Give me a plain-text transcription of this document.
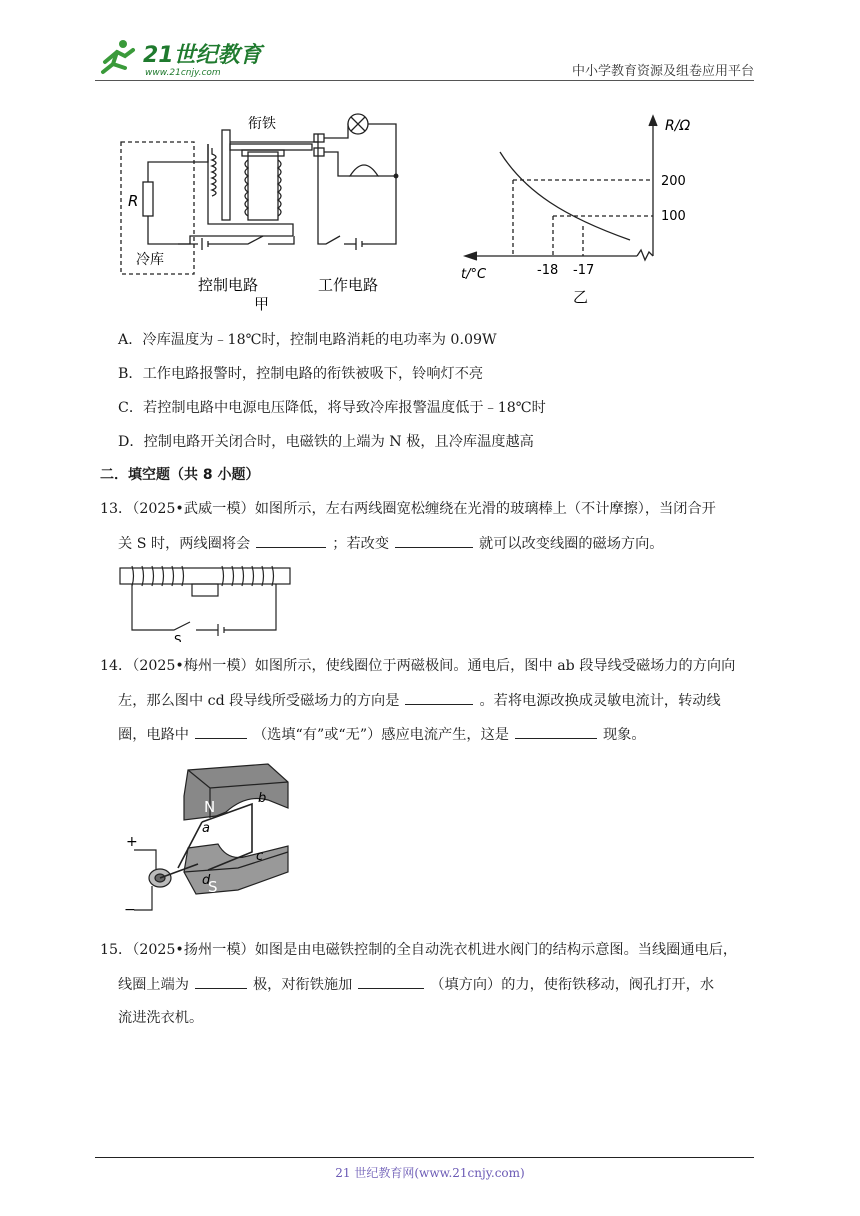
21世纪教育
www.21cnjy.com	中小学教育资源及组卷应用平台
R
衔铁
冷库
控制电路	工作电路
甲
R/Ω
200
100
t/°C	-18 -17
乙
A．冷库温度为﹣18℃时，控制电路消耗的电功率为 0.09W
B．工作电路报警时，控制电路的衔铁被吸下，铃响灯不亮
C．若控制电路中电源电压降低，将导致冷库报警温度低于﹣18℃时
D．控制电路开关闭合时，电磁铁的上端为 N 极，且冷库温度越高
二．填空题（共 8 小题）
13．（2025•武威一模）如图所示，左右两线圈宽松缠绕在光滑的玻璃棒上（不计摩擦），当闭合开
关 S 时，两线圈将会	；若改变	就可以改变线圈的磁场方向。
S
14．（2025•梅州一模）如图所示，使线圈位于两磁极间。通电后，图中 ab 段导线受磁场力的方向向
左，那么图中 cd 段导线所受磁场力的方向是	。若将电源改换成灵敏电流计，转动线
圈，电路中	（选填“有”或“无”）感应电流产生，这是	现象。
N
S
a
b
c
d
+
−
15．（2025•扬州一模）如图是由电磁铁控制的全自动洗衣机进水阀门的结构示意图。当线圈通电后，
线圈上端为	极，对衔铁施加	（填方向）的力，使衔铁移动，阀孔打开，水
流进洗衣机。
21 世纪教育网(www.21cnjy.com)
